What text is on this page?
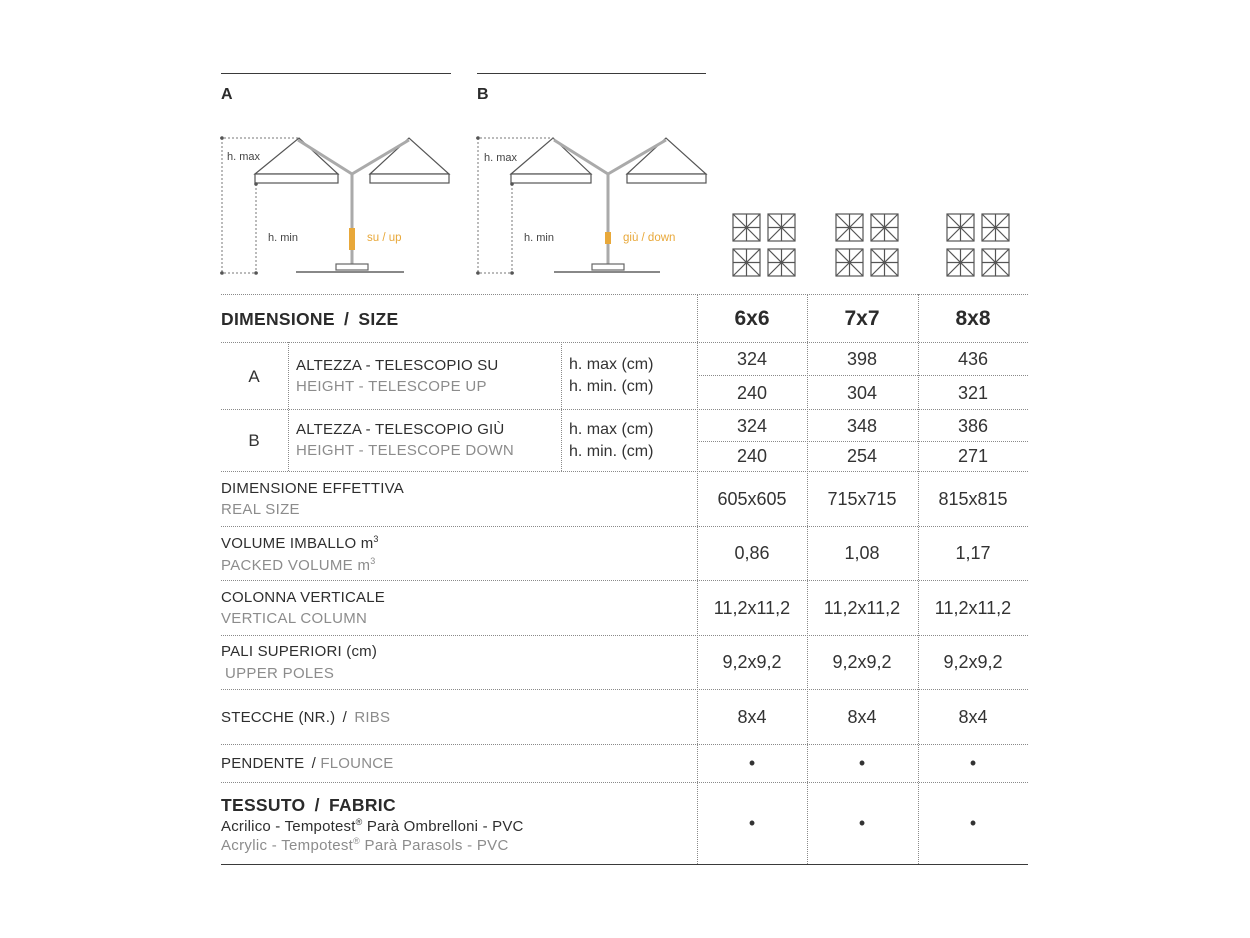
A
h. max
h. min	su / up
B
h. max
h. min	giù / down
DIMENSIONE / SIZE	6x6	7x7	8x8
A
ALTEZZA - TELESCOPIO SU
HEIGHT - TELESCOPE UP
h. max (cm)
h. min. (cm)
324	398	436
240	304	321
B
ALTEZZA - TELESCOPIO GIÙ
HEIGHT - TELESCOPE DOWN
h. max (cm)
h. min. (cm)
324	348	386
240	254	271
DIMENSIONE EFFETTIVA
REAL SIZE
605x605	715x715	815x815
VOLUME IMBALLO $m^3$
PACKED VOLUME $m^3$	0,86	1,08	1,17
COLONNA VERTICALE
VERTICAL COLUMN
11,2x11,2	11,2x11,2	11,2x11,2
PALI SUPERIORI (cm)
UPPER POLES
9,2x9,2	9,2x9,2	9,2x9,2
STECCHE (NR.) / RIBS	8x4	8x4	8x4
PENDENTE / FLOUNCE	•	•	•
TESSUTO / FABRIC
Acrilico - Tempotest® Parà Ombrelloni - PVC
Acrylic - Tempotest® Parà Parasols - PVC
•	•	•
